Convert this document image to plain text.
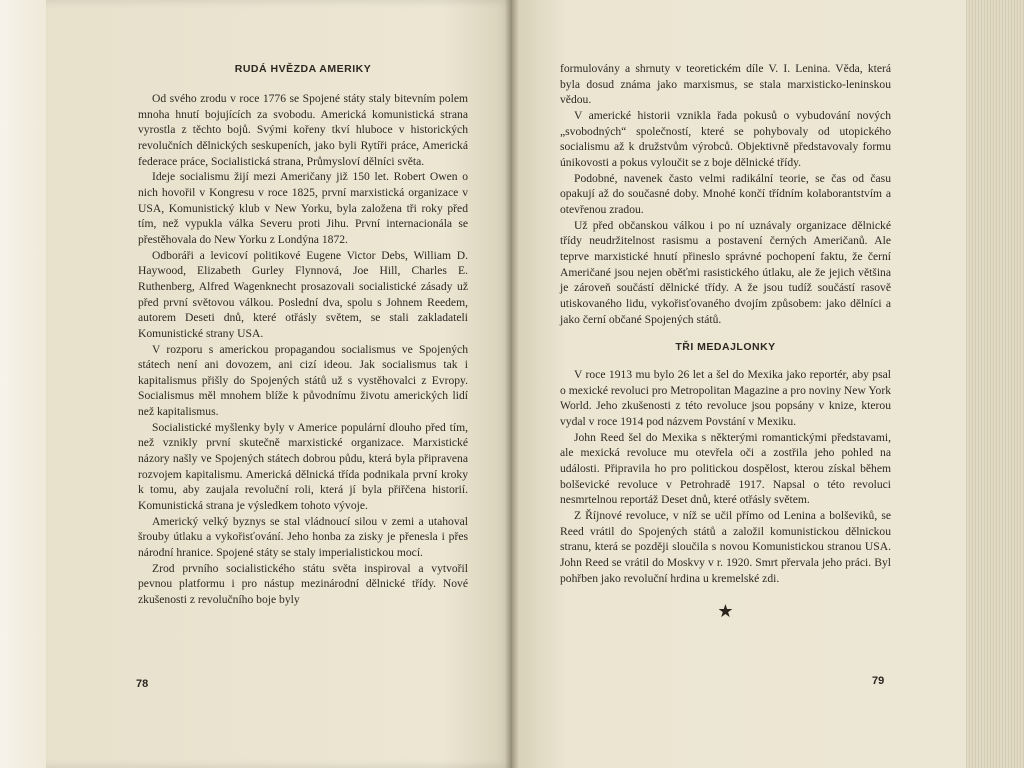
RUDÁ HVĚZDA AMERIKY

Od svého zrodu v roce 1776 se Spojené státy staly bitevním polem mnoha hnutí bojujících za svobodu. Americká komunistická strana vyrostla z těchto bojů. Svými kořeny tkví hluboce v historických revolučních dělnických seskupeních, jako byli Rytíři práce, Americká federace práce, Socialistická strana, Průmysloví dělníci světa.

Ideje socialismu žijí mezi Američany již 150 let. Robert Owen o nich hovořil v Kongresu v roce 1825, první marxistická organizace v USA, Komunistický klub v New Yorku, byla založena tři roky před tím, než vypukla válka Severu proti Jihu. První internacionála se přestěhovala do New Yorku z Londýna 1872.

Odboráři a levicoví politikové Eugene Victor Debs, William D. Haywood, Elizabeth Gurley Flynnová, Joe Hill, Charles E. Ruthenberg, Alfred Wagenknecht prosazovali socialistické zásady už před první světovou válkou. Poslední dva, spolu s Johnem Reedem, autorem Deseti dnů, které otřásly světem, se stali zakladateli Komunistické strany USA.

V rozporu s americkou propagandou socialismus ve Spojených státech není ani dovozem, ani cizí ideou. Jak socialismus tak i kapitalismus přišly do Spojených států už s vystěhovalci z Evropy. Socialismus měl mnohem blíže k původnímu životu amerických lidí než kapitalismus.

Socialistické myšlenky byly v Americe populární dlouho před tím, než vznikly první skutečně marxistické organizace. Marxistické názory našly ve Spojených státech dobrou půdu, která byla připravena rozvojem kapitalismu. Americká dělnická třída podnikala první kroky k tomu, aby zaujala revoluční roli, která jí byla přiřčena historií. Komunistická strana je výsledkem tohoto vývoje.

Americký velký byznys se stal vládnoucí silou v zemi a utahoval šrouby útlaku a vykořisťování. Jeho honba za zisky je přenesla i přes národní hranice. Spojené státy se staly imperialistickou mocí.

Zrod prvního socialistického státu světa inspiroval a vytvořil pevnou platformu i pro nástup mezinárodní dělnické třídy. Nové zkušenosti z revolučního boje byly

78

formulovány a shrnuty v teoretickém díle V. I. Lenina. Věda, která byla dosud známa jako marxismus, se stala marxisticko-leninskou vědou.

V americké historii vznikla řada pokusů o vybudování nových „svobodných“ společností, které se pohybovaly od utopického socialismu až k družstvům výrobců. Objektivně představovaly formu únikovosti a pokus vyloučit se z boje dělnické třídy.

Podobné, navenek často velmi radikální teorie, se čas od času opakují až do současné doby. Mnohé končí třídním kolaborantstvím a otevřenou zradou.

Už před občanskou válkou i po ní uznávaly organizace dělnické třídy neudržitelnost rasismu a postavení černých Američanů. Ale teprve marxistické hnutí přineslo správné pochopení faktu, že černí Američané jsou nejen oběťmi rasistického útlaku, ale že jejich většina je zároveň součástí dělnické třídy. A že jsou tudíž součástí rasově utiskovaného lidu, vykořisťovaného dvojím způsobem: jako dělníci a jako černí občané Spojených států.

TŘI MEDAJLONKY

V roce 1913 mu bylo 26 let a šel do Mexika jako reportér, aby psal o mexické revoluci pro Metropolitan Magazine a pro noviny New York World. Jeho zkušenosti z této revoluce jsou popsány v knize, kterou vydal v roce 1914 pod názvem Povstání v Mexiku.

John Reed šel do Mexika s některými romantickými představami, ale mexická revoluce mu otevřela oči a zostřila jeho pohled na události. Připravila ho pro politickou dospělost, kterou získal během bolševické revoluce v Petrohradě 1917. Napsal o této revoluci nesmrtelnou reportáž Deset dnů, které otřásly světem.

Z Říjnové revoluce, v níž se učil přímo od Lenina a bolševiků, se Reed vrátil do Spojených států a založil komunistickou dělnickou stranu, která se později sloučila s novou Komunistickou stranou USA. John Reed se vrátil do Moskvy v r. 1920. Smrt přervala jeho práci. Byl pohřben jako revoluční hrdina u kremelské zdi.

★
79
